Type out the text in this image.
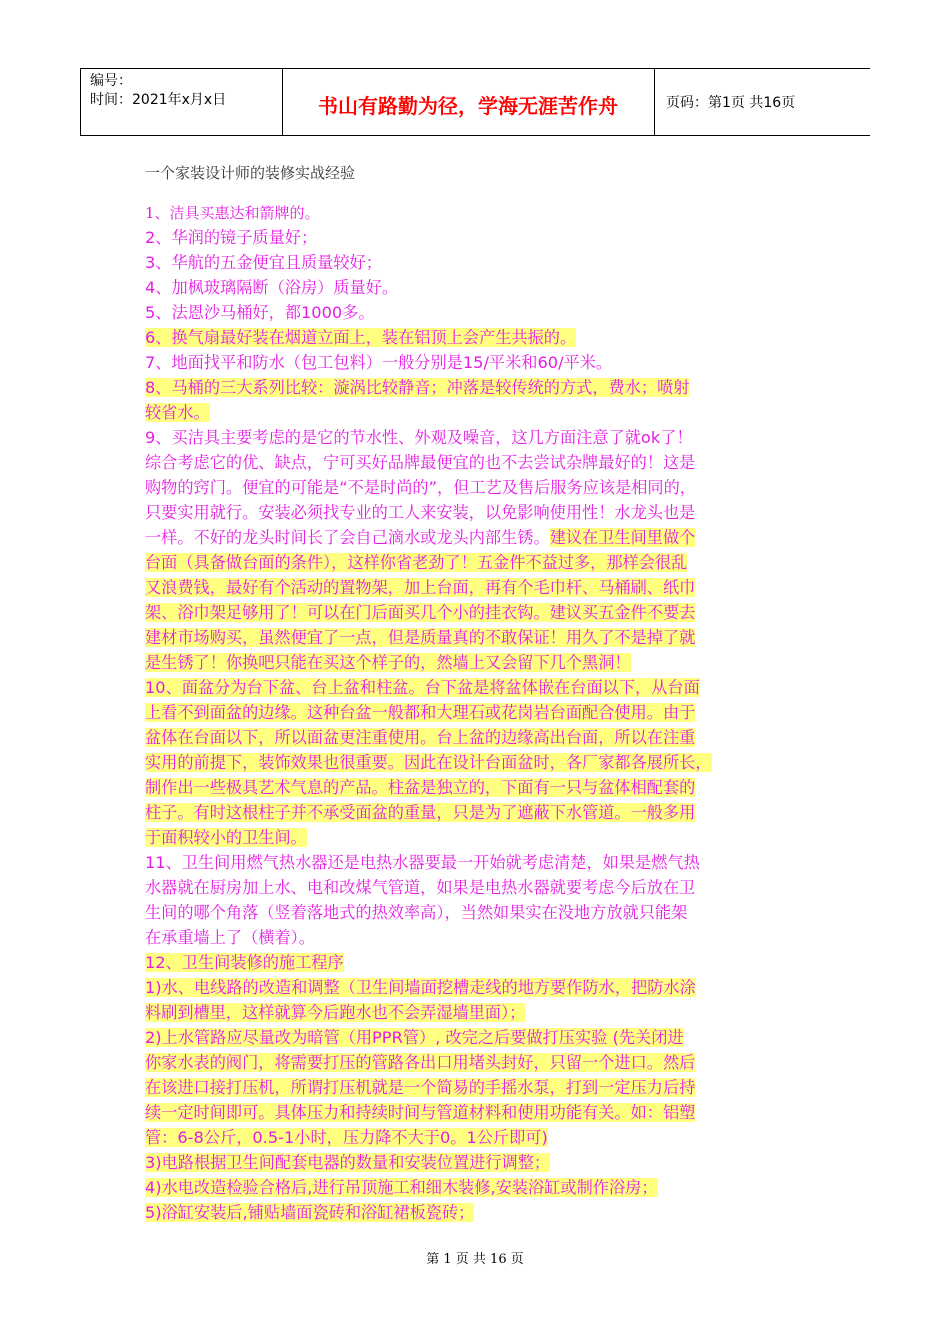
编号：
时间：2021年x月x日	书山有路勤为径，学海无涯苦作舟	页码：第1页 共16页
一个家装设计师的装修实战经验
1、洁具买惠达和箭牌的。
2、华润的镜子质量好；
3、华航的五金便宜且质量较好；
4、加枫玻璃隔断（浴房）质量好。
5、法恩沙马桶好，都1000多。
6、换气扇最好装在烟道立面上，装在铝顶上会产生共振的。
7、地面找平和防水（包工包料）一般分别是15/平米和60/平米。
8、马桶的三大系列比较：漩涡比较静音；冲落是较传统的方式，费水；喷射
较省水。
9、买洁具主要考虑的是它的节水性、外观及噪音，这几方面注意了就ok了！
综合考虑它的优、缺点，宁可买好品牌最便宜的也不去尝试杂牌最好的！这是
购物的窍门。便宜的可能是“不是时尚的”，但工艺及售后服务应该是相同的，
只要实用就行。安装必须找专业的工人来安装，以免影响使用性！水龙头也是
一样。不好的龙头时间长了会自己滴水或龙头内部生锈。建议在卫生间里做个
台面（具备做台面的条件），这样你省老劲了！五金件不益过多，那样会很乱
又浪费钱，最好有个活动的置物架，加上台面，再有个毛巾杆、马桶刷、纸巾
架、浴巾架足够用了！可以在门后面买几个小的挂衣钩。建议买五金件不要去
建材市场购买，虽然便宜了一点，但是质量真的不敢保证！用久了不是掉了就
是生锈了！你换吧只能在买这个样子的，然墙上又会留下几个黑洞！
10、面盆分为台下盆、台上盆和柱盆。台下盆是将盆体嵌在台面以下，从台面
上看不到面盆的边缘。这种台盆一般都和大理石或花岗岩台面配合使用。由于
盆体在台面以下，所以面盆更注重使用。台上盆的边缘高出台面，所以在注重
实用的前提下，装饰效果也很重要。因此在设计台面盆时，各厂家都各展所长，
制作出一些极具艺术气息的产品。柱盆是独立的，下面有一只与盆体相配套的
柱子。有时这根柱子并不承受面盆的重量，只是为了遮蔽下水管道。一般多用
于面积较小的卫生间。
11、卫生间用燃气热水器还是电热水器要最一开始就考虑清楚，如果是燃气热
水器就在厨房加上水、电和改煤气管道，如果是电热水器就要考虑今后放在卫
生间的哪个角落（竖着落地式的热效率高），当然如果实在没地方放就只能架
在承重墙上了（横着）。
12、卫生间装修的施工程序
1)水、电线路的改造和调整（卫生间墙面挖槽走线的地方要作防水，把防水涂
料刷到槽里，这样就算今后跑水也不会弄湿墙里面）；
2)上水管路应尽量改为暗管（用PPR管）, 改完之后要做打压实验 (先关闭进
你家水表的阀门，将需要打压的管路各出口用堵头封好，只留一个进口。然后
在该进口接打压机，所谓打压机就是一个简易的手摇水泵，打到一定压力后持
续一定时间即可。具体压力和持续时间与管道材料和使用功能有关。如：铝塑
管：6-8公斤，0.5-1小时，压力降不大于0。1公斤即可)
3)电路根据卫生间配套电器的数量和安装位置进行调整；
4)水电改造检验合格后,进行吊顶施工和细木装修,安装浴缸或制作浴房；
5)浴缸安装后,铺贴墙面瓷砖和浴缸裙板瓷砖；
第 1 页 共 16 页
